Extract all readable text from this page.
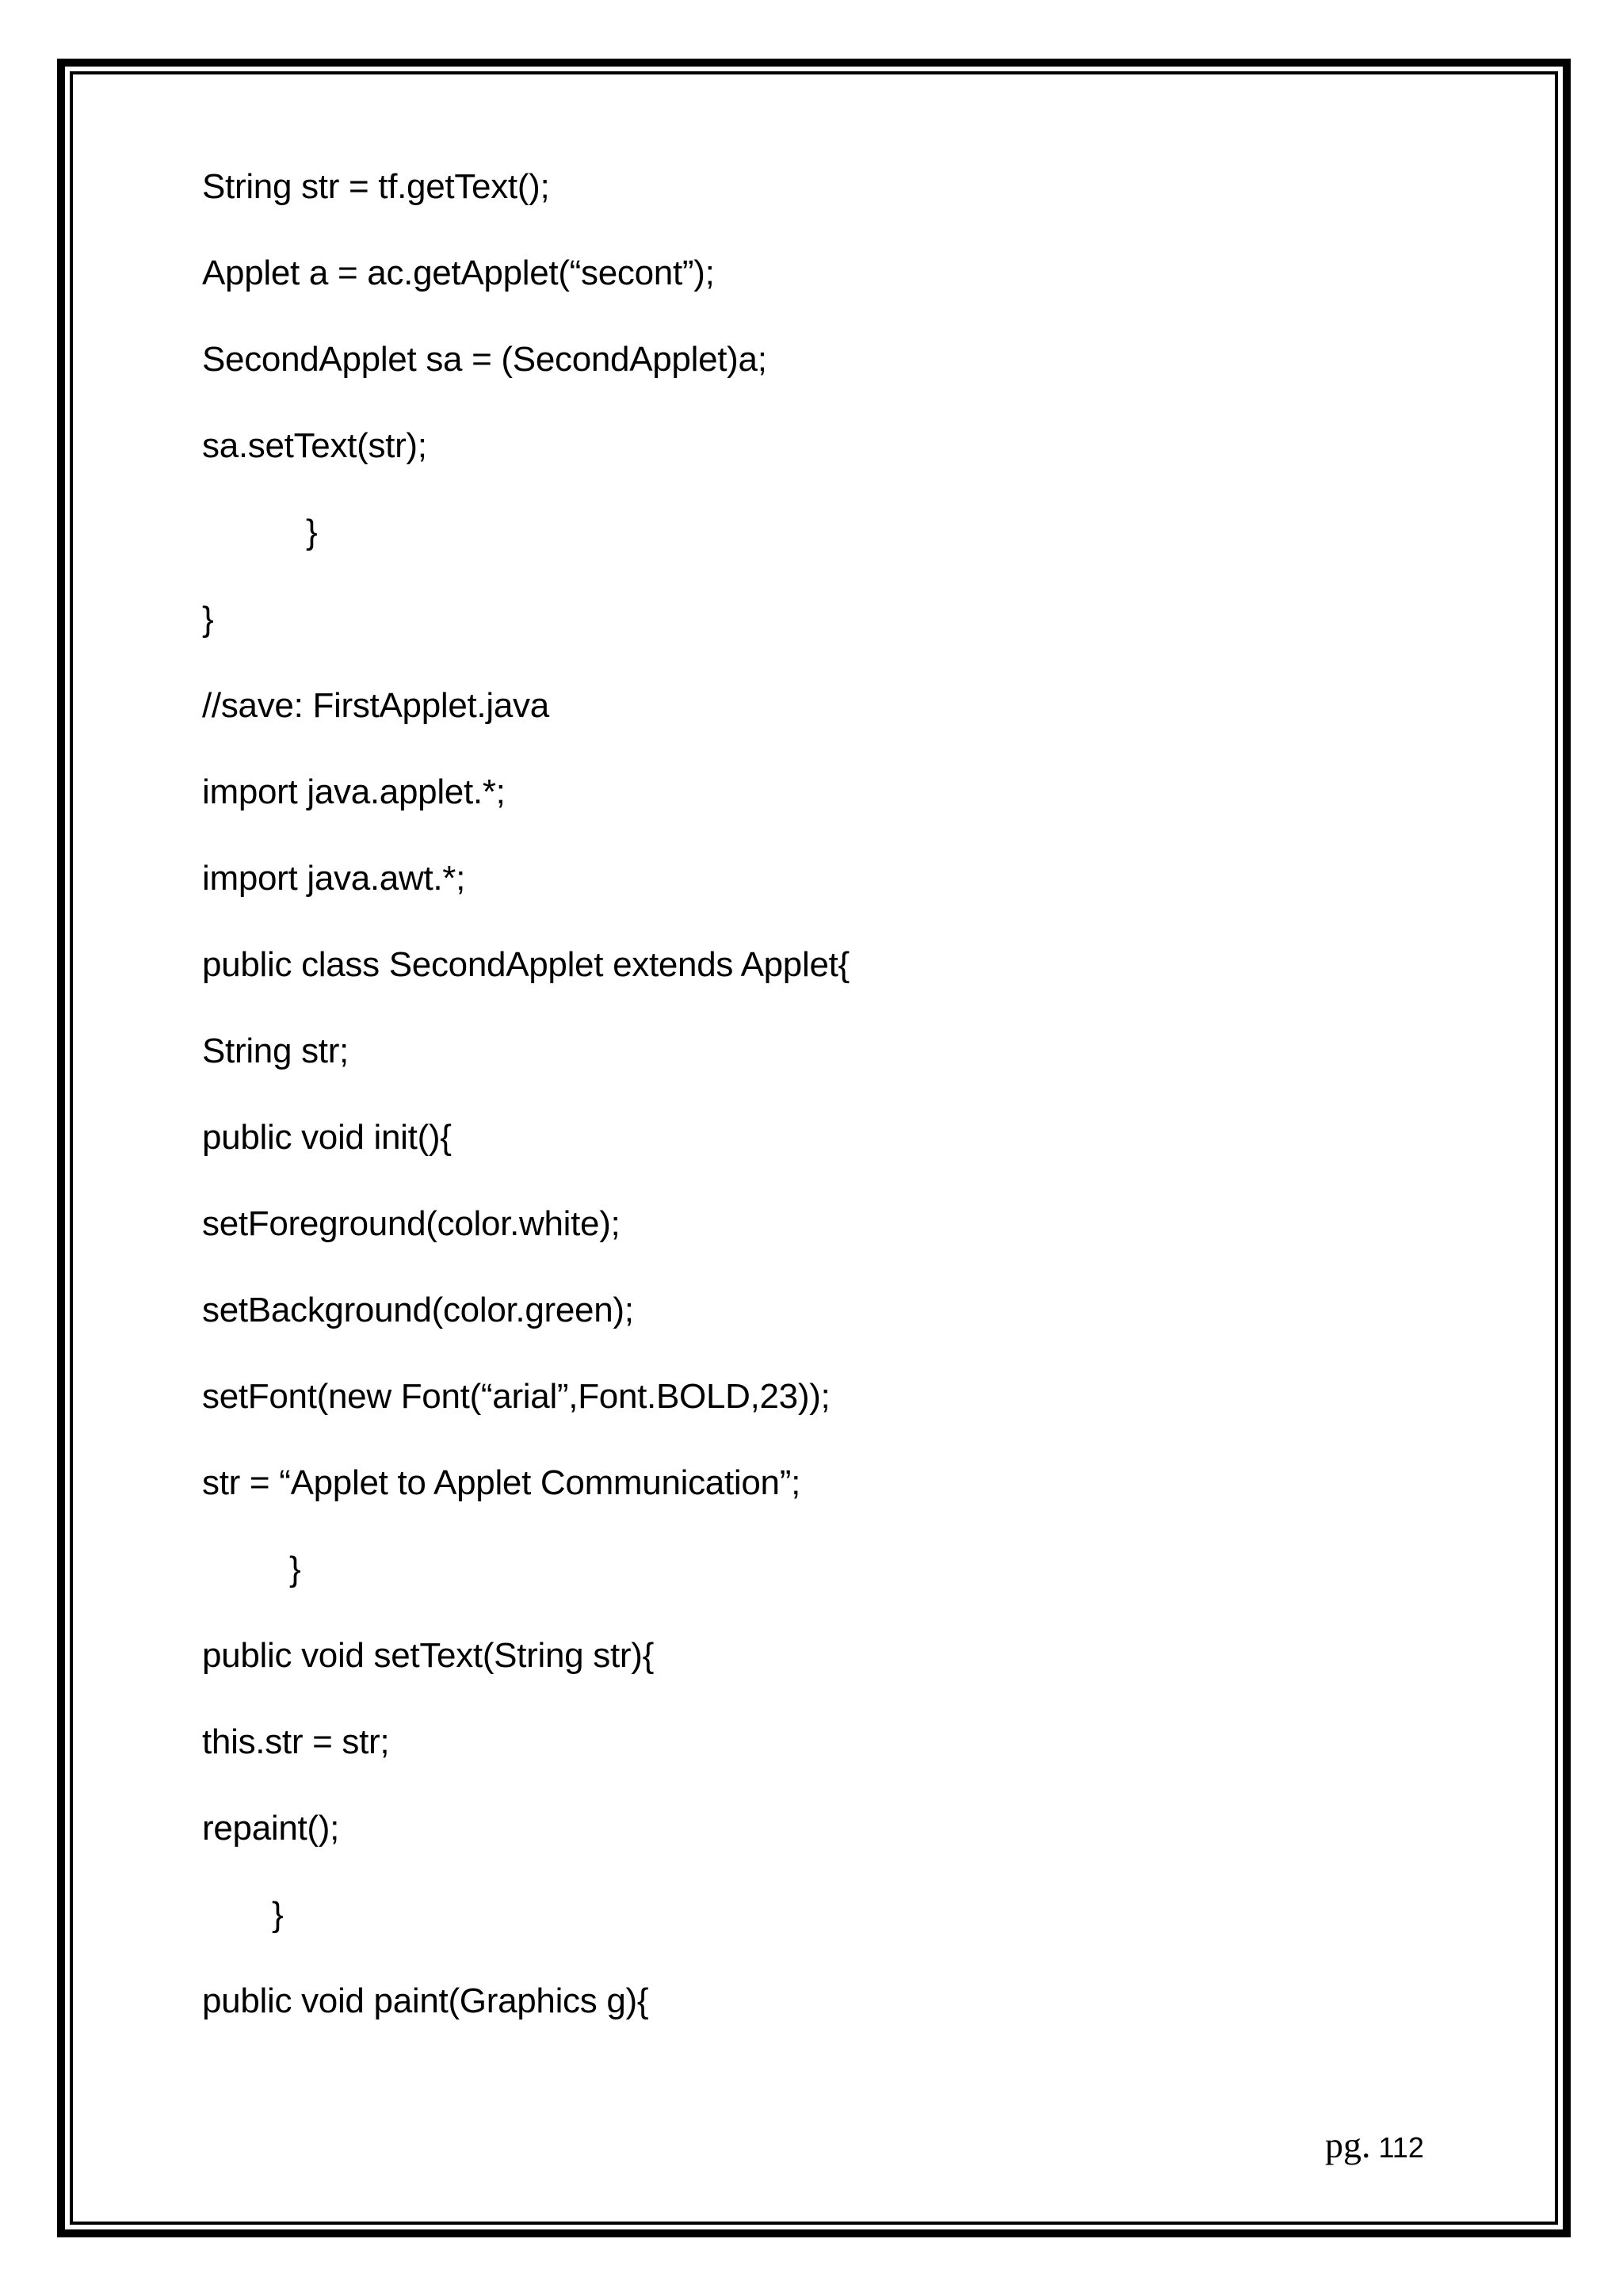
String str = tf.getText();
Applet a = ac.getApplet(“secont”);
SecondApplet sa = (SecondApplet)a;
sa.setText(str);
}
}
//save: FirstApplet.java
import java.applet.*;
import java.awt.*;
public class SecondApplet extends Applet{
String str;
public void init(){
setForeground(color.white);
setBackground(color.green);
setFont(new Font(“arial”,Font.BOLD,23));
str = “Applet to Applet Communication”;
}
public void setText(String str){
this.str = str;
repaint();
}
public void paint(Graphics g){
pg. 112
